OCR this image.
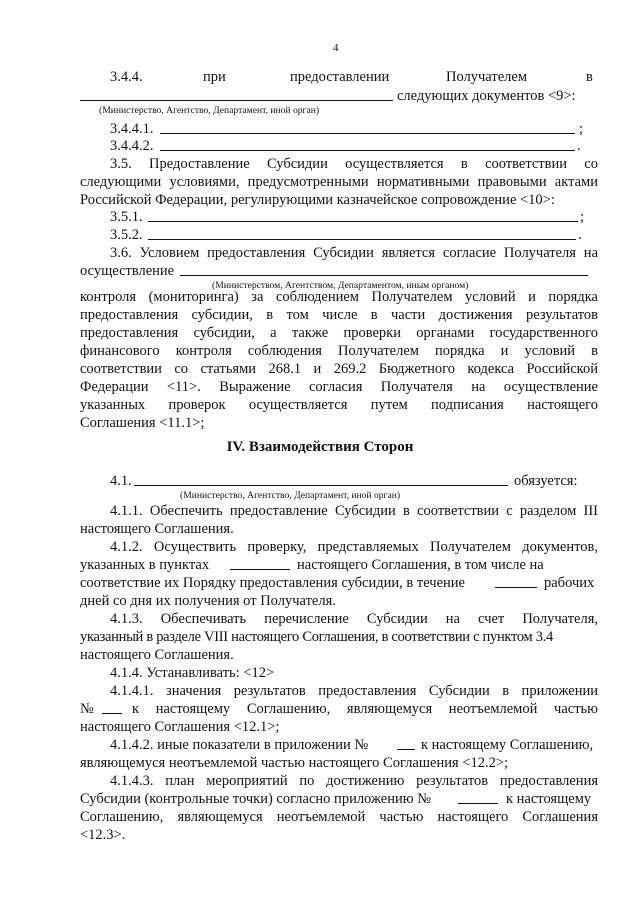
4
3.4.4.	при	предоставлении	Получателем	в
следующих документов <9>:
(Министерство, Агентство, Департамент, иной орган)
3.4.4.1.	;
3.4.4.2.	.
3.5. Предоставление Субсидии осуществляется в соответствии со
следующими условиями, предусмотренными нормативными правовыми актами
Российской Федерации, регулирующими казначейское сопровождение <10>:
3.5.1.	;
3.5.2.	.
3.6. Условием предоставления Субсидии является согласие Получателя на
осуществление
(Министерством, Агентством, Департаментом, иным органом)
контроля (мониторинга) за соблюдением Получателем условий и порядка
предоставления субсидии, в том числе в части достижения результатов
предоставления субсидии, а также проверки органами государственного
финансового контроля соблюдения Получателем порядка и условий в
соответствии со статьями 268.1 и 269.2 Бюджетного кодекса Российской
Федерации <11>. Выражение согласия Получателя на осуществление
указанных проверок осуществляется путем подписания настоящего
Соглашения <11.1>;
IV. Взаимодействия Сторон
4.1.	обязуется:
(Министерство, Агентство, Департамент, иной орган)
4.1.1. Обеспечить предоставление Субсидии в соответствии с разделом III
настоящего Соглашения.
4.1.2. Осуществить проверку, представляемых Получателем документов,
указанных в пунктах	настоящего Соглашения, в том числе на
соответствие их Порядку предоставления субсидии, в течение	рабочих
дней со дня их получения от Получателя.
4.1.3. Обеспечивать перечисление Субсидии на счет Получателя,
указанный в разделе VIII настоящего Соглашения, в соответствии с пунктом 3.4
настоящего Соглашения.
4.1.4. Устанавливать: <12>
4.1.4.1. значения результатов предоставления Субсидии в приложении
№	к настоящему Соглашению, являющемуся неотъемлемой частью
настоящего Соглашения <12.1>;
4.1.4.2. иные показатели в приложении №	к настоящему Соглашению,
являющемуся неотъемлемой частью настоящего Соглашения <12.2>;
4.1.4.3. план мероприятий по достижению результатов предоставления
Субсидии (контрольные точки) согласно приложению №	к настоящему
Соглашению, являющемуся неотъемлемой частью настоящего Соглашения
<12.3>.
